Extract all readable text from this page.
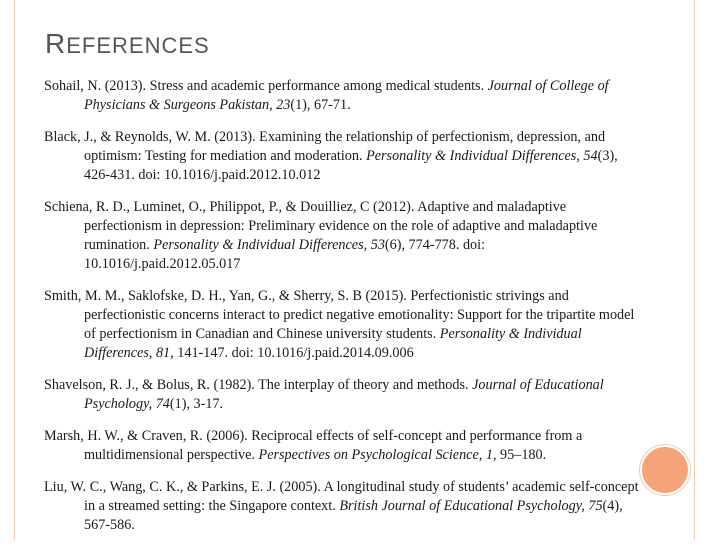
REFERENCES
Sohail, N. (2013). Stress and academic performance among medical students. Journal of College of Physicians & Surgeons Pakistan, 23(1), 67-71.
Black, J., & Reynolds, W. M. (2013). Examining the relationship of perfectionism, depression, and optimism: Testing for mediation and moderation. Personality & Individual Differences, 54(3), 426-431. doi: 10.1016/j.paid.2012.10.012
Schiena, R. D., Luminet, O., Philippot, P., & Douilliez, C (2012). Adaptive and maladaptive perfectionism in depression: Preliminary evidence on the role of adaptive and maladaptive rumination. Personality & Individual Differences, 53(6), 774-778. doi: 10.1016/j.paid.2012.05.017
Smith, M. M., Saklofske, D. H., Yan, G., & Sherry, S. B (2015). Perfectionistic strivings and perfectionistic concerns interact to predict negative emotionality: Support for the tripartite model of perfectionism in Canadian and Chinese university students. Personality & Individual Differences, 81, 141-147. doi: 10.1016/j.paid.2014.09.006
Shavelson, R. J., & Bolus, R. (1982). The interplay of theory and methods. Journal of Educational Psychology, 74(1), 3-17.
Marsh, H. W., & Craven, R. (2006). Reciprocal effects of self-concept and performance from a multidimensional perspective. Perspectives on Psychological Science, 1, 95–180.
Liu, W. C., Wang, C. K., & Parkins, E. J. (2005). A longitudinal study of students’ academic self-concept in a streamed setting: the Singapore context. British Journal of Educational Psychology, 75(4), 567-586.
